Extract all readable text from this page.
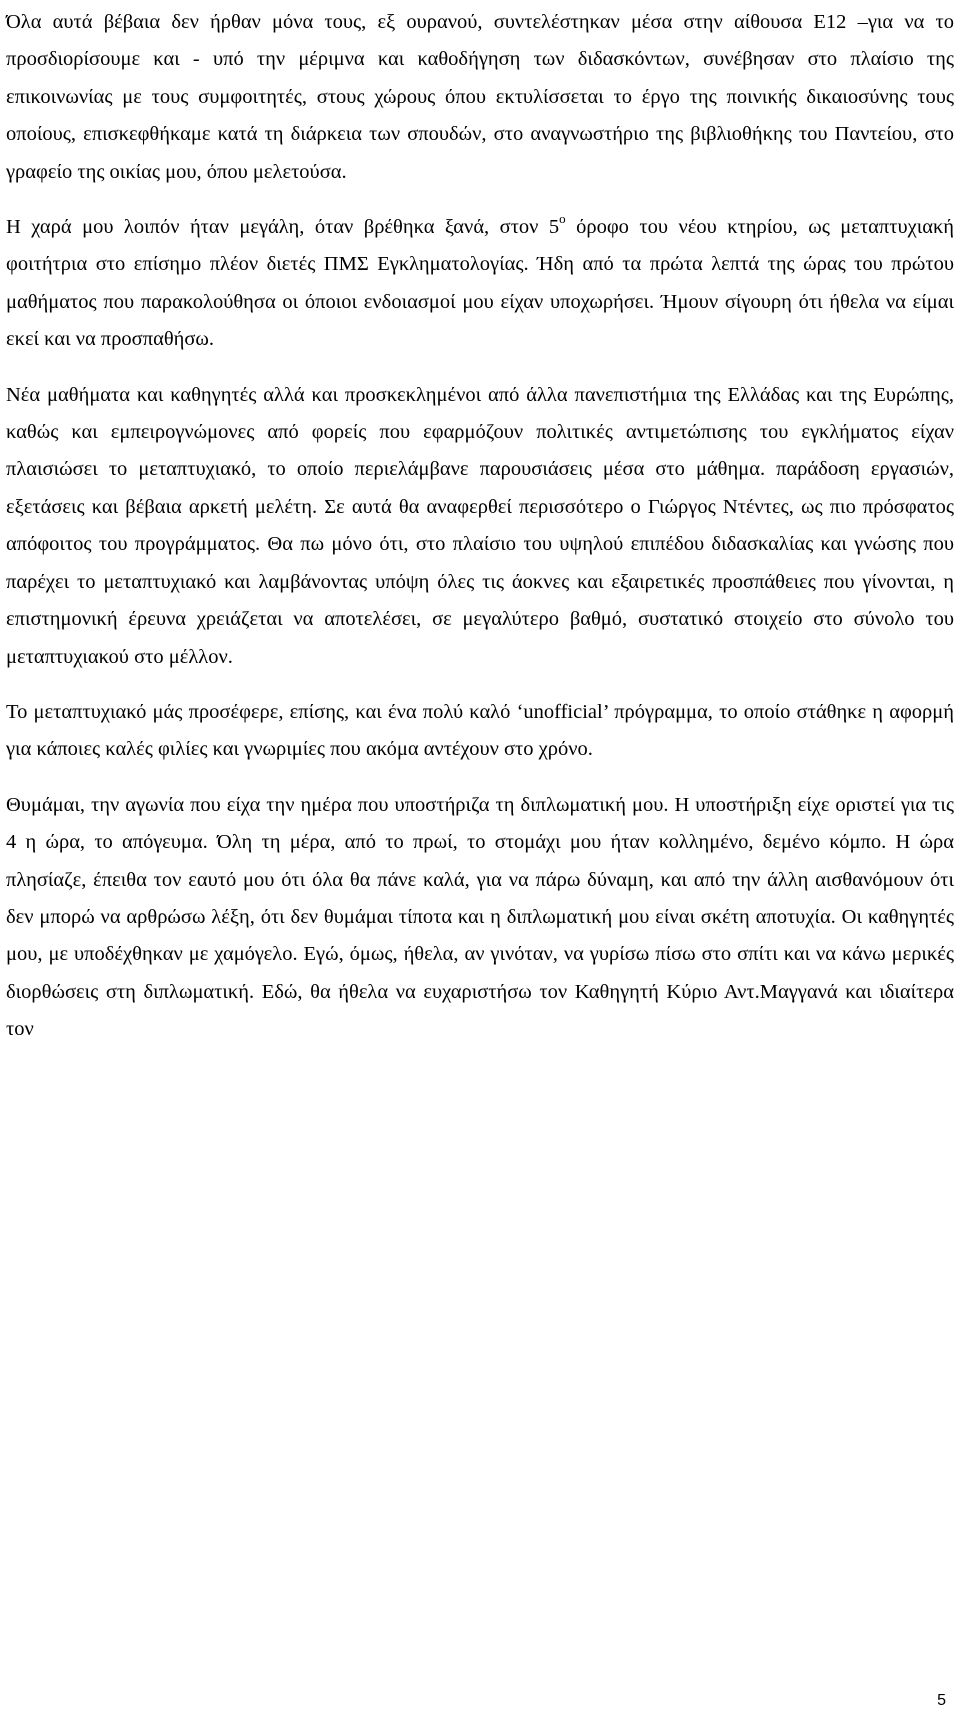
Όλα αυτά βέβαια δεν ήρθαν μόνα τους, εξ ουρανού, συντελέστηκαν μέσα στην αίθουσα Ε12 –για να το προσδιορίσουμε και - υπό την μέριμνα και καθοδήγηση των διδασκόντων, συνέβησαν στο πλαίσιο της επικοινωνίας με τους συμφοιτητές, στους χώρους όπου εκτυλίσσεται το έργο της ποινικής δικαιοσύνης τους οποίους, επισκεφθήκαμε κατά τη διάρκεια των σπουδών, στο αναγνωστήριο της βιβλιοθήκης του Παντείου, στο γραφείο της οικίας μου, όπου μελετούσα.

Η χαρά μου λοιπόν ήταν μεγάλη, όταν βρέθηκα ξανά, στον $5^o$ όροφο του νέου κτηρίου, ως μεταπτυχιακή φοιτήτρια στο επίσημο πλέον διετές ΠΜΣ Εγκληματολογίας. Ήδη από τα πρώτα λεπτά της ώρας του πρώτου μαθήματος που παρακολούθησα οι όποιοι ενδοιασμοί μου είχαν υποχωρήσει. Ήμουν σίγουρη ότι ήθελα να είμαι εκεί και να προσπαθήσω.

Νέα μαθήματα και καθηγητές αλλά και προσκεκλημένοι από άλλα πανεπιστήμια της Ελλάδας και της Ευρώπης, καθώς και εμπειρογνώμονες από φορείς που εφαρμόζουν πολιτικές αντιμετώπισης του εγκλήματος είχαν πλαισιώσει το μεταπτυχιακό, το οποίο περιελάμβανε παρουσιάσεις μέσα στο μάθημα. παράδοση εργασιών, εξετάσεις και βέβαια αρκετή μελέτη. Σε αυτά θα αναφερθεί περισσότερο ο Γιώργος Ντέντες, ως πιο πρόσφατος απόφοιτος του προγράμματος. Θα πω μόνο ότι, στο πλαίσιο του υψηλού επιπέδου διδασκαλίας και γνώσης που παρέχει το μεταπτυχιακό και λαμβάνοντας υπόψη όλες τις άοκνες και εξαιρετικές προσπάθειες που γίνονται, η επιστημονική έρευνα χρειάζεται να αποτελέσει, σε μεγαλύτερο βαθμό, συστατικό στοιχείο στο σύνολο του μεταπτυχιακού στο μέλλον.

Το μεταπτυχιακό μάς προσέφερε, επίσης, και ένα πολύ καλό ‘unofficial’ πρόγραμμα, το οποίο στάθηκε η αφορμή για κάποιες καλές φιλίες και γνωριμίες που ακόμα αντέχουν στο χρόνο.

Θυμάμαι, την αγωνία που είχα την ημέρα που υποστήριζα τη διπλωματική μου. Η υποστήριξη είχε οριστεί για τις 4 η ώρα, το απόγευμα. Όλη τη μέρα, από το πρωί, το στομάχι μου ήταν κολλημένο, δεμένο κόμπο. Η ώρα πλησίαζε, έπειθα τον εαυτό μου ότι όλα θα πάνε καλά, για να πάρω δύναμη, και από την άλλη αισθανόμουν ότι δεν μπορώ να αρθρώσω λέξη, ότι δεν θυμάμαι τίποτα και η διπλωματική μου είναι σκέτη αποτυχία. Οι καθηγητές μου, με υποδέχθηκαν με χαμόγελο. Εγώ, όμως, ήθελα, αν γινόταν, να γυρίσω πίσω στο σπίτι και να κάνω μερικές διορθώσεις στη διπλωματική. Εδώ, θα ήθελα να ευχαριστήσω τον Καθηγητή Κύριο Αντ.Μαγγανά και ιδιαίτερα τον

5
